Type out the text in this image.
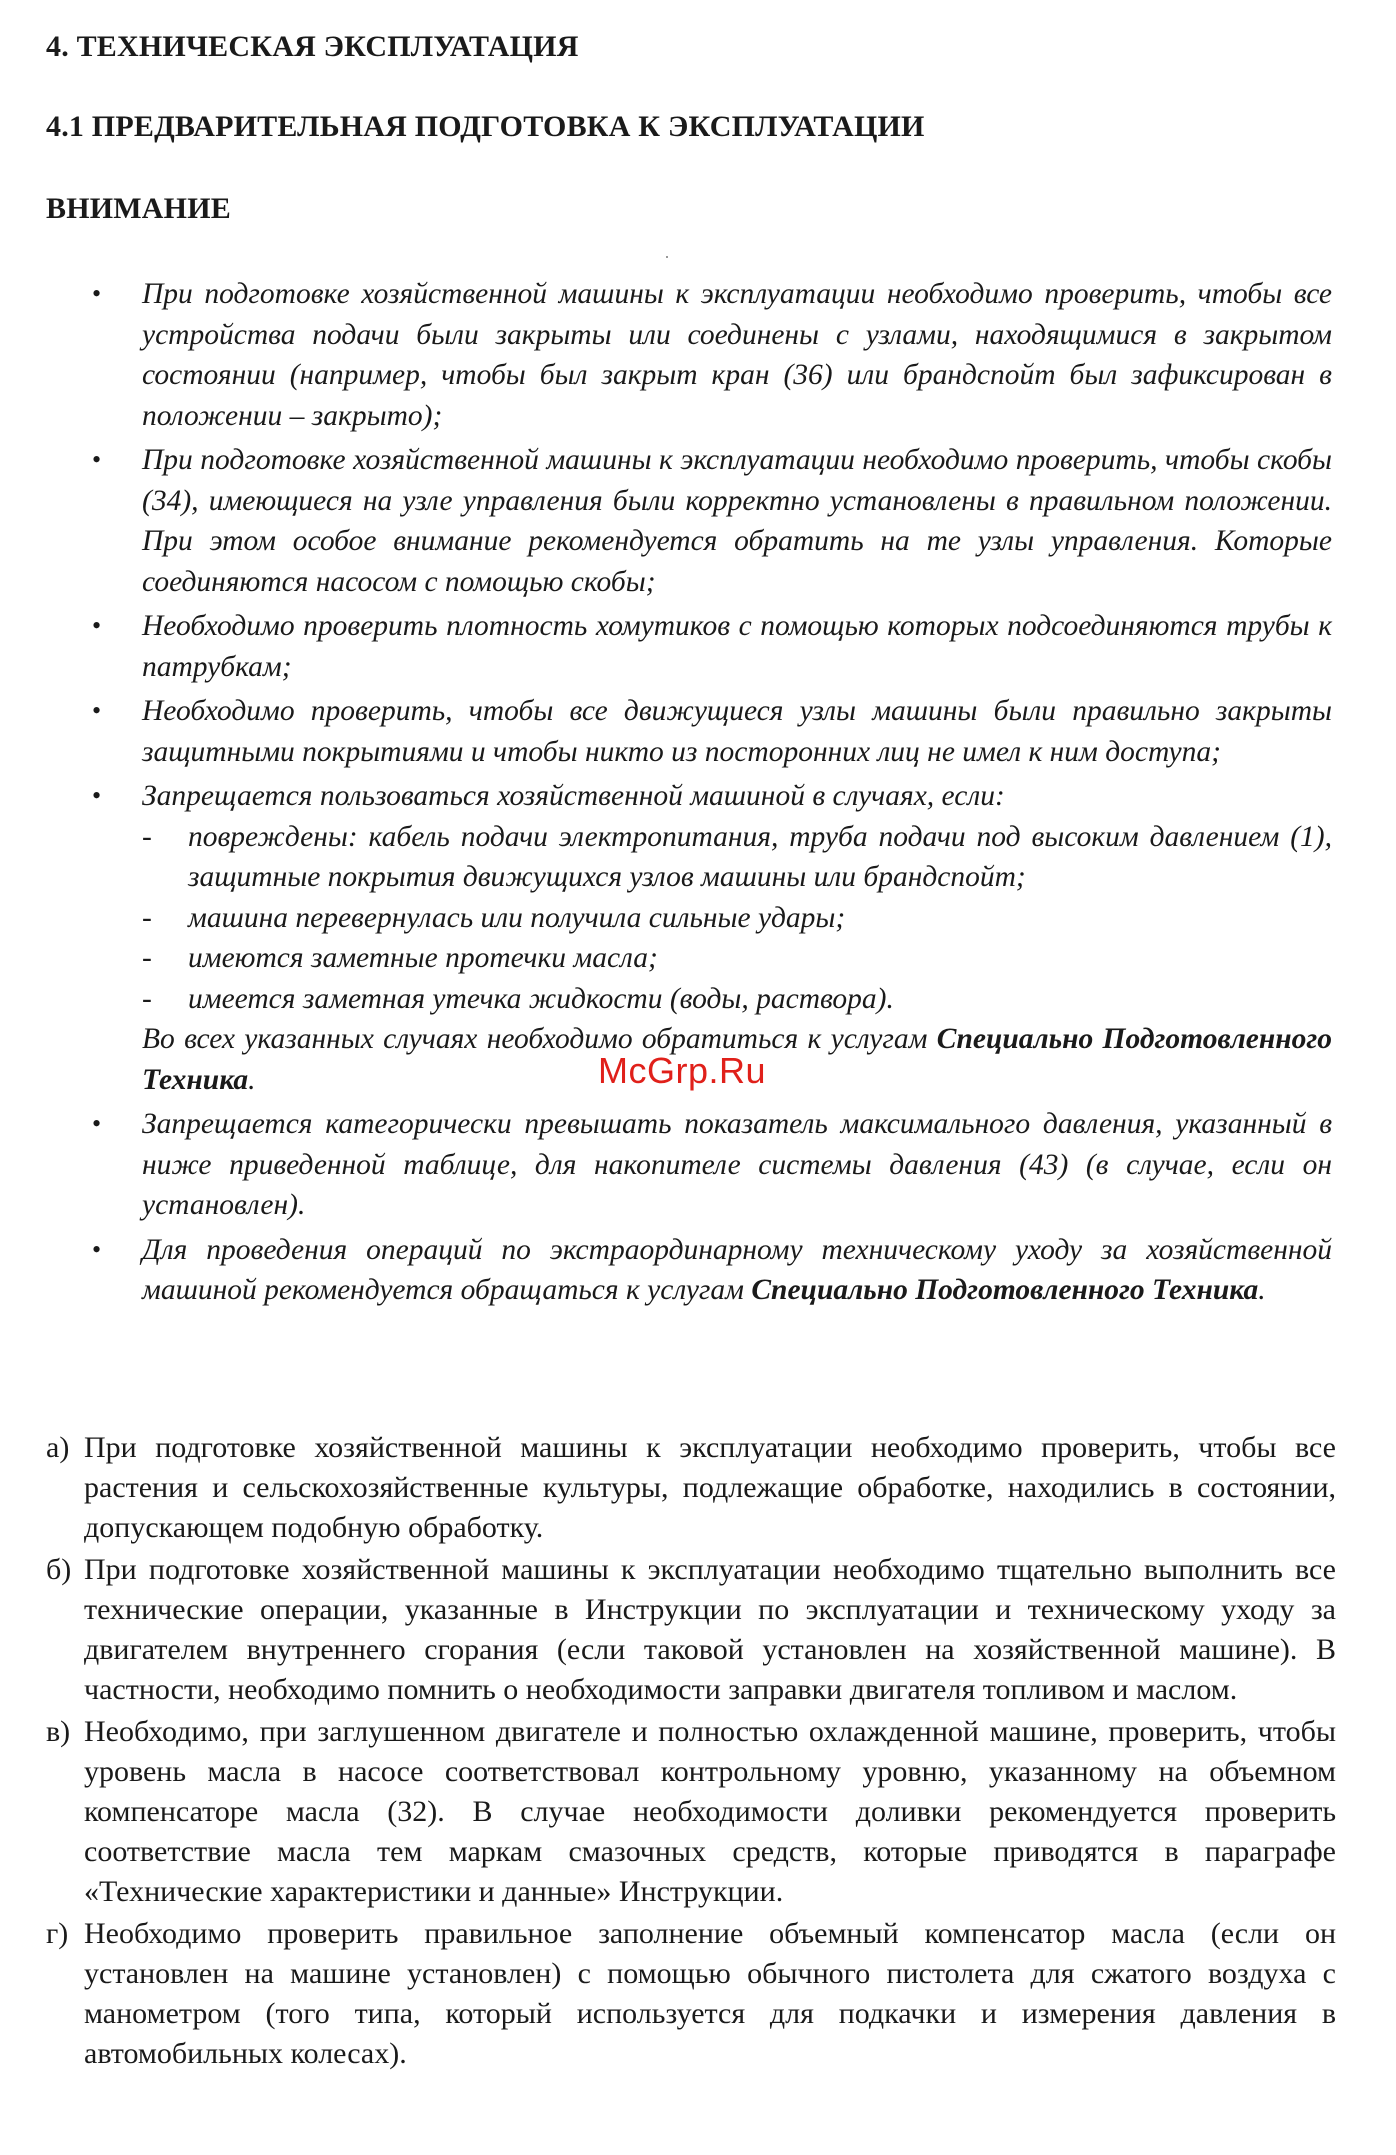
4. ТЕХНИЧЕСКАЯ ЭКСПЛУАТАЦИЯ
4.1 ПРЕДВАРИТЕЛЬНАЯ ПОДГОТОВКА К ЭКСПЛУАТАЦИИ
ВНИМАНИЕ
• При подготовке хозяйственной машины к эксплуатации необходимо проверить, чтобы все устройства подачи были закрыты или соединены с узлами, находящимися в закрытом состоянии (например, чтобы был закрыт кран (36) или брандспойт был зафиксирован в положении – закрыто);
• При подготовке хозяйственной машины к эксплуатации необходимо проверить, чтобы скобы (34), имеющиеся на узле управления были корректно установлены в правильном положении. При этом особое внимание рекомендуется обратить на те узлы управления. Которые соединяются насосом с помощью скобы;
• Необходимо проверить плотность хомутиков с помощью которых подсоединяются трубы к патрубкам;
• Необходимо проверить, чтобы все движущиеся узлы машины были правильно закрыты защитными покрытиями и чтобы никто из посторонних лиц не имел к ним доступа;
• Запрещается пользоваться хозяйственной машиной в случаях, если:

- повреждены: кабель подачи электропитания, труба подачи под высоким давлением (1), защитные покрытия движущихся узлов машины или брандспойт;
- машина перевернулась или получила сильные удары;
- имеются заметные протечки масла;
- имеется заметная утечка жидкости (воды, раствора).

Во всех указанных случаях необходимо обратиться к услугам Специально Подготовленного Техника.

• Запрещается категорически превышать показатель максимального давления, указанный в ниже приведенной таблице, для накопителе системы давления (43) (в случае, если он установлен).
• Для проведения операций по экстраординарному техническому уходу за хозяйственной машиной рекомендуется обращаться к услугам Специально Подготовленного Техника.
McGrp.Ru
а) При подготовке хозяйственной машины к эксплуатации необходимо проверить, чтобы все растения и сельскохозяйственные культуры, подлежащие обработке, находились в состоянии, допускающем подобную обработку.
б) При подготовке хозяйственной машины к эксплуатации необходимо тщательно выполнить все технические операции, указанные в Инструкции по эксплуатации и техническому уходу за двигателем внутреннего сгорания (если таковой установлен на хозяйственной машине). В частности, необходимо помнить о необходимости заправки двигателя топливом и маслом.
в) Необходимо, при заглушенном двигателе и полностью охлажденной машине, проверить, чтобы уровень масла в насосе соответствовал контрольному уровню, указанному на объемном компенсаторе масла (32). В случае необходимости доливки рекомендуется проверить соответствие масла тем маркам смазочных средств, которые приводятся в параграфе «Технические характеристики и данные» Инструкции.
г) Необходимо проверить правильное заполнение объемный компенсатор масла (если он установлен на машине установлен) с помощью обычного пистолета для сжатого воздуха с манометром (того типа, который используется для подкачки и измерения давления в автомобильных колесах).
